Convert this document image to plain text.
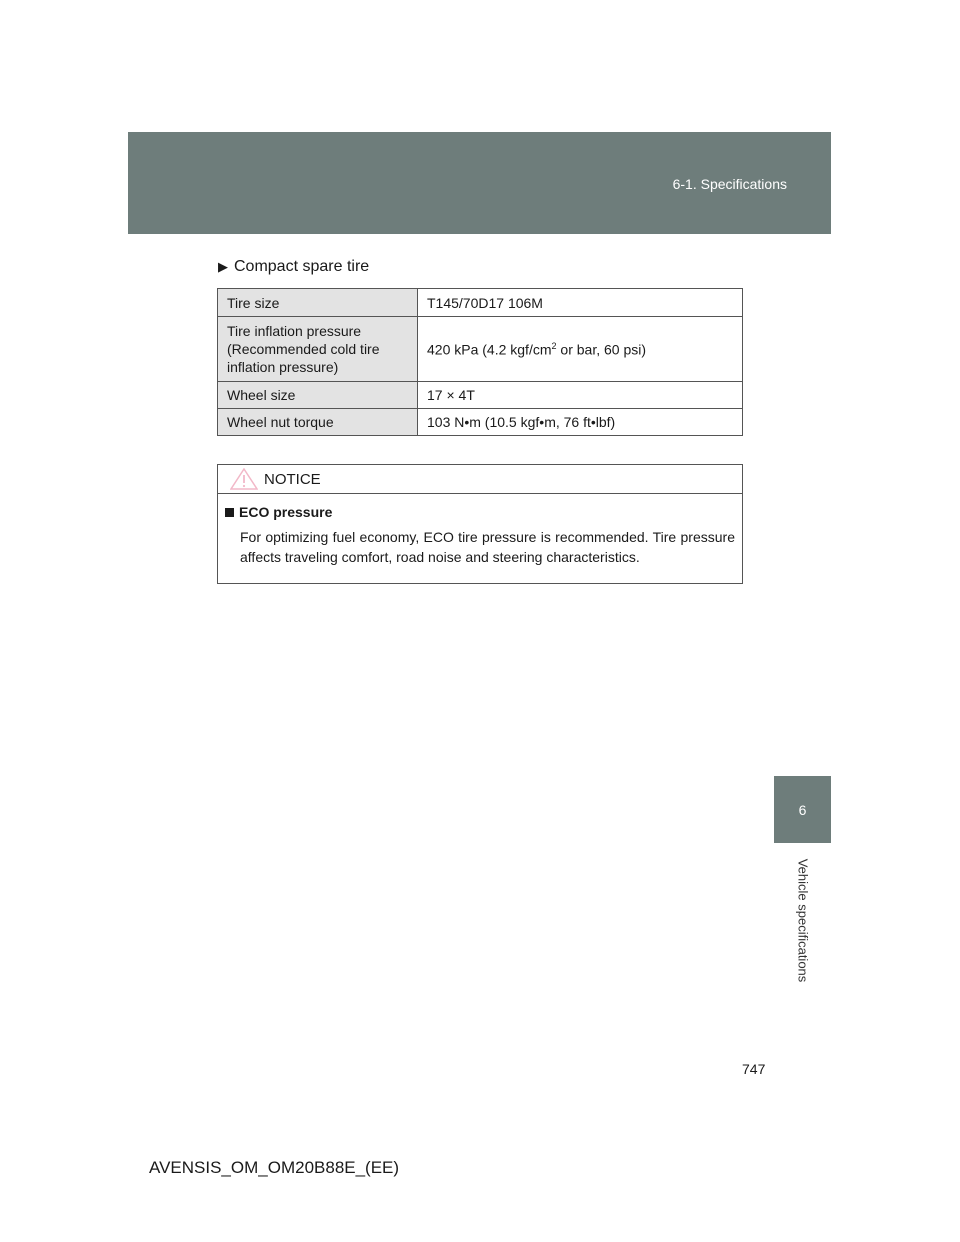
6-1. Specifications
6
Vehicle specifications
▶ Compact spare tire
Tire size	T145/70D17 106M
Tire inflation pressure (Recommended cold tire inflation pressure)	420 kPa (4.2 kgf/$cm^2$ or bar, 60 psi)
Wheel size	17 × 4T
Wheel nut torque	103 N•m (10.5 kgf•m, 76 ft•lbf)
NOTICE
ECO pressure
For optimizing fuel economy, ECO tire pressure is recommended. Tire pressure affects traveling comfort, road noise and steering characteristics.
747
AVENSIS_OM_OM20B88E_(EE)
